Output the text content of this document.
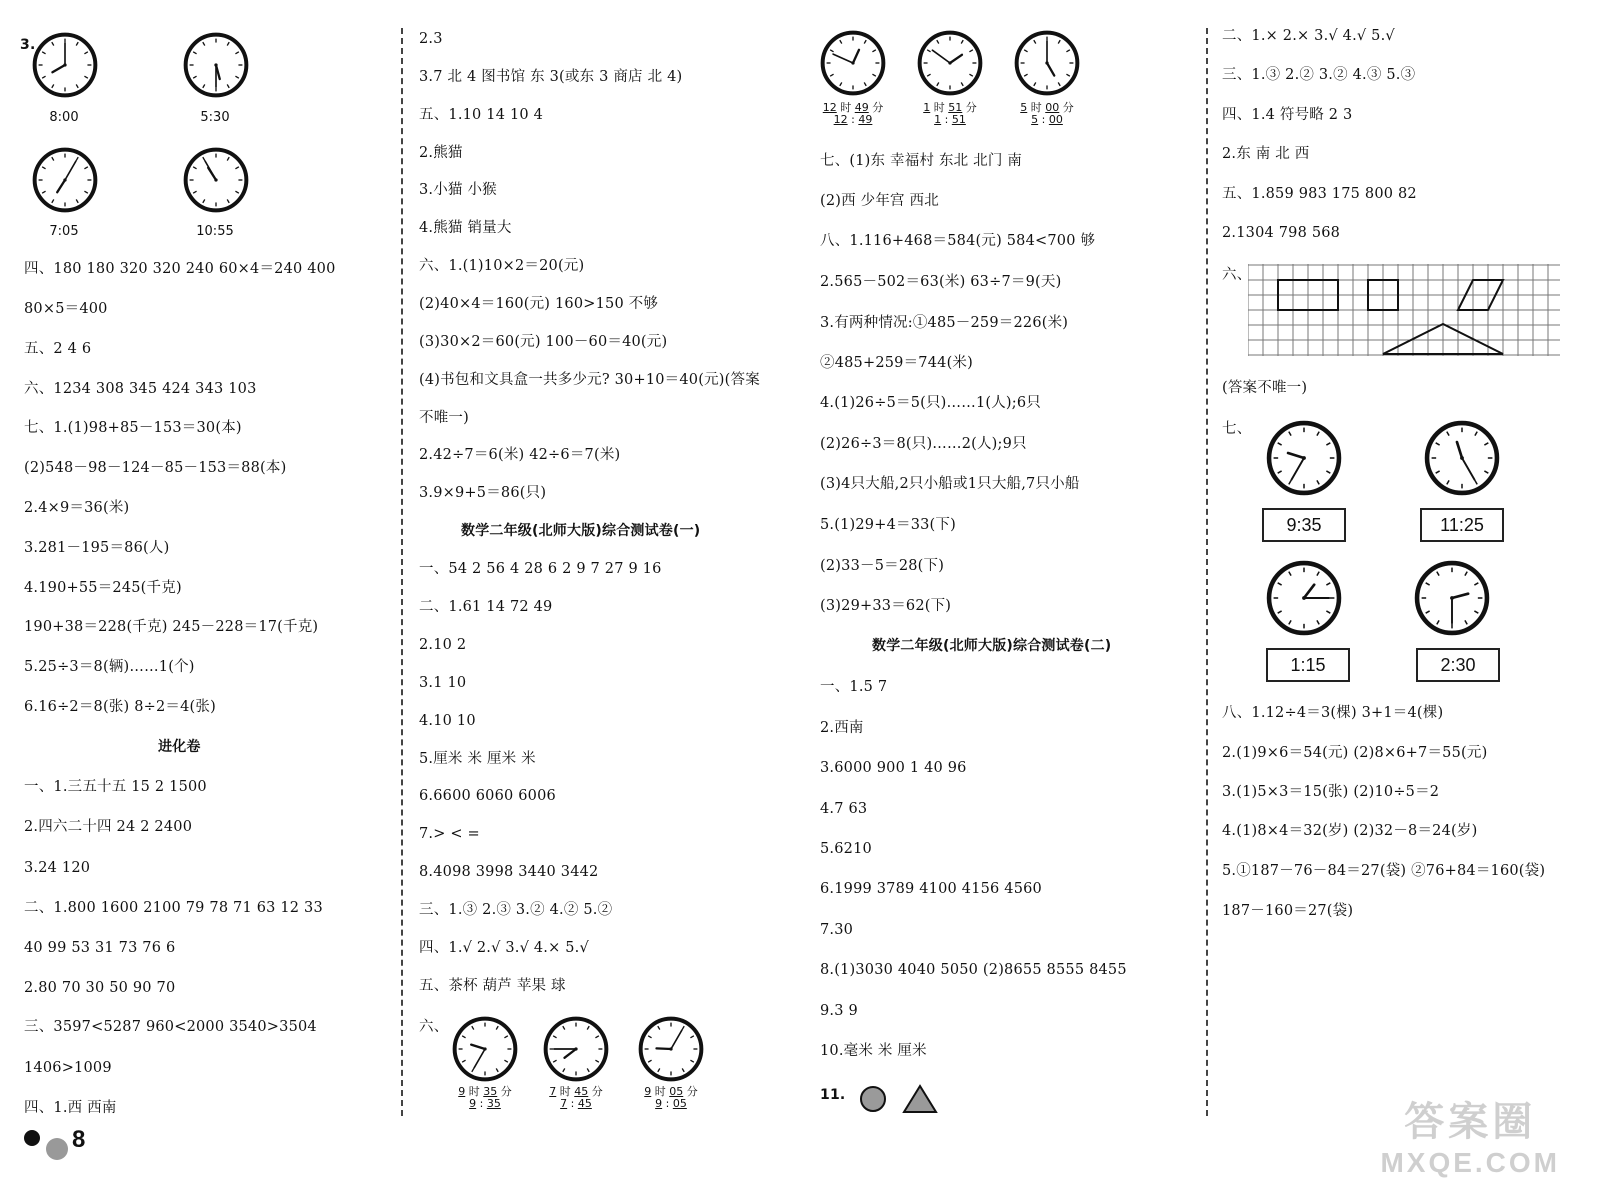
3.
8:00	5:30
7:05	10:55
四、180 180 320 320 240 60×4＝240 400
80×5＝400
五、2 4 6
六、1234 308 345 424 343 103
七、1.(1)98+85－153＝30(本)
(2)548－98－124－85－153＝88(本)
2.4×9＝36(米)
3.281－195＝86(人)
4.190+55＝245(千克)
190+38＝228(千克) 245－228＝17(千克)
5.25÷3＝8(辆)……1(个)
6.16÷2＝8(张) 8÷2＝4(张)
进化卷
一、1.三五十五 15 2 1500
2.四六二十四 24 2 2400
3.24 120
二、1.800 1600 2100 79 78 71 63 12 33
40 99 53 31 73 76 6
2.80 70 30 50 90 70
三、3597<5287 960<2000 3540>3504
1406>1009
四、1.西 西南
8
2.3
3.7 北 4 图书馆 东 3(或东 3 商店 北 4)
五、1.10 14 10 4
2.熊猫
3.小猫 小猴
4.熊猫 销量大
六、1.(1)10×2＝20(元)
(2)40×4＝160(元) 160>150 不够
(3)30×2＝60(元) 100－60＝40(元)
(4)书包和文具盒一共多少元? 30+10＝40(元)(答案
不唯一)
2.42÷7＝6(米) 42÷6＝7(米)
3.9×9+5＝86(只)
数学二年级(北师大版)综合测试卷(一)
一、54 2 56 4 28 6 2 9 7 27 9 16
二、1.61 14 72 49
2.10 2
3.1 10
4.10 10
5.厘米 米 厘米 米
6.6600 6060 6006
7.> < =
8.4098 3998 3440 3442
三、1.③ 2.③ 3.② 4.② 5.②
四、1.√ 2.√ 3.√ 4.× 5.√
五、茶杯 葫芦 苹果 球
六、
9 时 35 分
9 : 35
7 时 45 分
7 : 45
9 时 05 分
9 : 05
12 时 49 分
12 : 49
1 时 51 分
1 : 51
5 时 00 分
5 : 00
七、(1)东 幸福村 东北 北门 南
(2)西 少年宫 西北
八、1.116+468＝584(元) 584<700 够
2.565－502＝63(米) 63÷7＝9(天)
3.有两种情况:①485－259＝226(米)
②485+259＝744(米)
4.(1)26÷5＝5(只)……1(人);6只
(2)26÷3＝8(只)……2(人);9只
(3)4只大船,2只小船或1只大船,7只小船
5.(1)29+4＝33(下)
(2)33－5＝28(下)
(3)29+33＝62(下)
数学二年级(北师大版)综合测试卷(二)
一、1.5 7
2.西南
3.6000 900 1 40 96
4.7 63
5.6210
6.1999 3789 4100 4156 4560
7.30
8.(1)3030 4040 5050 (2)8655 8555 8455
9.3 9
10.毫米 米 厘米
11.
二、1.× 2.× 3.√ 4.√ 5.√
三、1.③ 2.② 3.② 4.③ 5.③
四、1.4 符号略 2 3
2.东 南 北 西
五、1.859 983 175 800 82
2.1304 798 568
六、
(答案不唯一)
七、
9:35	11:25
1:15	2:30
八、1.12÷4＝3(棵) 3+1＝4(棵)
2.(1)9×6＝54(元) (2)8×6+7＝55(元)
3.(1)5×3＝15(张) (2)10÷5＝2
4.(1)8×4＝32(岁) (2)32－8＝24(岁)
5.①187－76－84＝27(袋) ②76+84＝160(袋)
187－160＝27(袋)
答案圈
MXQE.COM
